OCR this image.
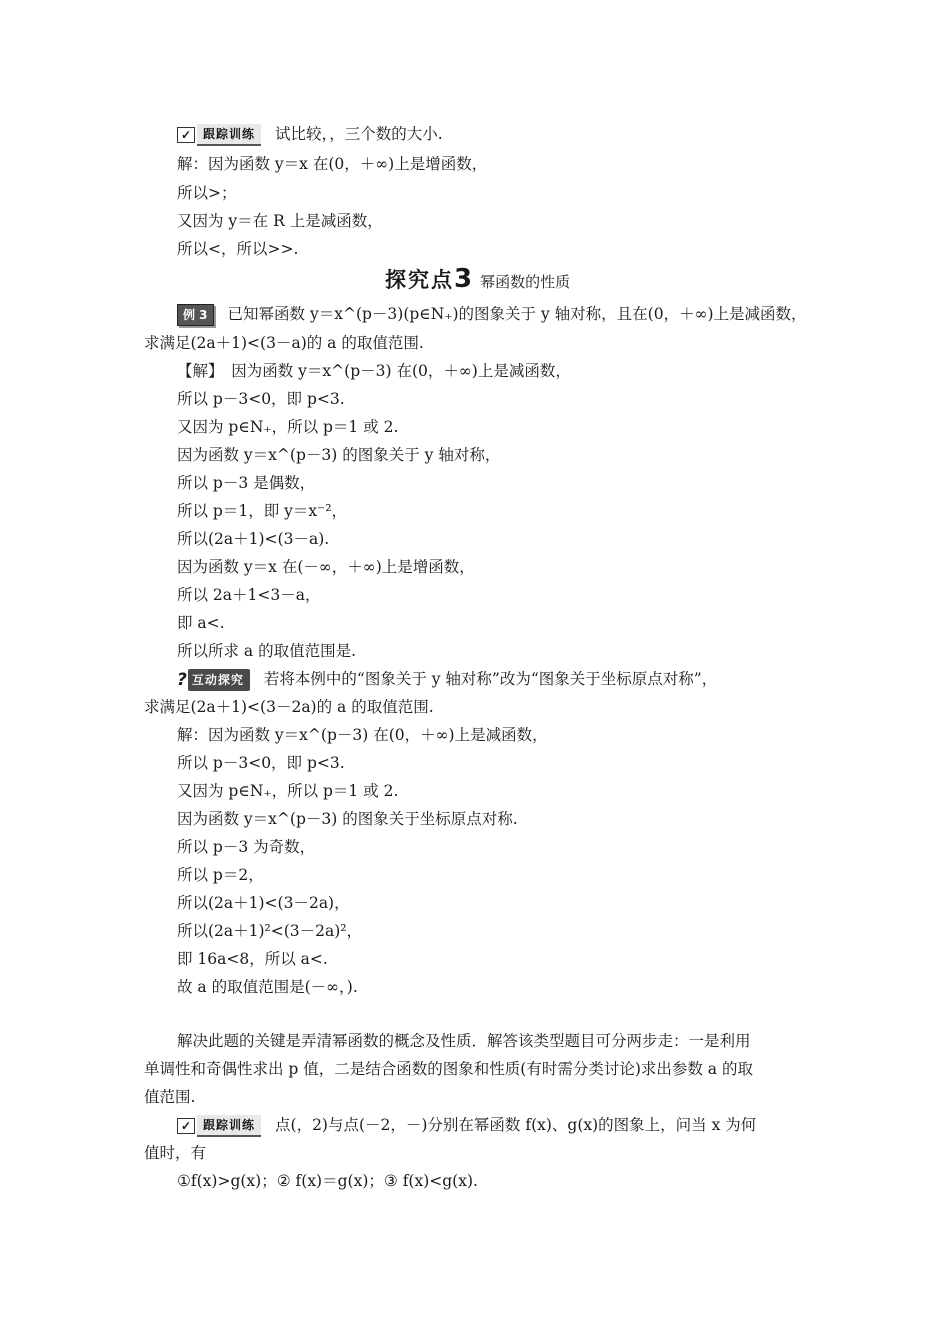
✓ 跟踪训练	试比较，，三个数的大小.
解：因为函数 y＝x 在(0，＋∞)上是增函数，
所以>；
又因为 y＝在 R 上是减函数，
所以<，所以>>.
探究点3 幂函数的性质
例 3 已知幂函数 y＝x^(p－3)(p∈N₊)的图象关于 y 轴对称，且在(0，＋∞)上是减函数，
求满足(2a＋1)<(3－a)的 a 的取值范围.
【解】　因为函数 y＝x^(p－3) 在(0，＋∞)上是减函数，
所以 p－3<0，即 p<3.
又因为 p∈N₊，所以 p＝1 或 2.
因为函数 y＝x^(p－3) 的图象关于 y 轴对称，
所以 p－3 是偶数，
所以 p＝1，即 y＝x⁻²，
所以(2a＋1)<(3－a).
因为函数 y＝x 在(－∞，＋∞)上是增函数，
所以 2a＋1<3－a，
即 a<.
所以所求 a 的取值范围是.
? 互动探究	若将本例中的“图象关于 y 轴对称”改为“图象关于坐标原点对称”，
求满足(2a＋1)<(3－2a)的 a 的取值范围.
解：因为函数 y＝x^(p－3) 在(0，＋∞)上是减函数，
所以 p－3<0，即 p<3.
又因为 p∈N₊，所以 p＝1 或 2.
因为函数 y＝x^(p－3) 的图象关于坐标原点对称.
所以 p－3 为奇数，
所以 p＝2，
所以(2a＋1)<(3－2a)，
所以(2a＋1)²<(3－2a)²，
即 16a<8，所以 a<.
故 a 的取值范围是(－∞，).
解决此题的关键是弄清幂函数的概念及性质．解答该类型题目可分两步走：一是利用
单调性和奇偶性求出 p 值，二是结合函数的图象和性质(有时需分类讨论)求出参数 a 的取
值范围.
✓ 跟踪训练	点(，2)与点(－2，－)分别在幂函数 f(x)、g(x)的图象上，问当 x 为何
值时，有
①f(x)>g(x)；② f(x)＝g(x)；③ f(x)<g(x).
